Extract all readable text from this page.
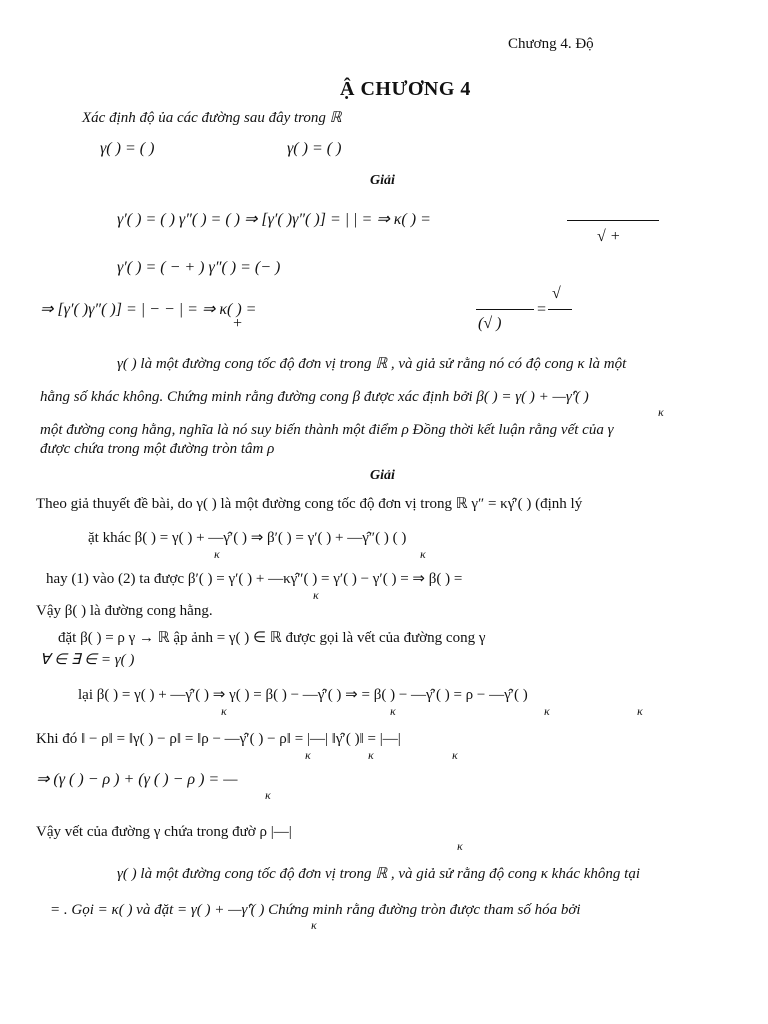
Chương 4. Độ
Ậ CHƯƠNG 4
Xác định độ ủa các đường sau đây trong ℝ
γ( ) = ( )	γ( ) = ( )
Giải
γ′( ) = ( ) γ″( ) = ( ) ⇒ [γ′( )γ″( )] = | | = ⇒ κ( ) =
√ +
γ′( ) = ( − + ) γ″( ) = (− )
⇒ [γ′( )γ″( )] = | − − | = ⇒ κ( ) =
+
√
(√ )
=
γ( ) là một đường cong tốc độ đơn vị trong ℝ , và giả sử rằng nó có độ cong κ là một
hằng số khác không. Chứng minh rằng đường cong β được xác định bởi β( ) = γ( ) + —γ̂′( )
κ
một đường cong hằng, nghĩa là nó suy biến thành một điểm ρ Đồng thời kết luận rằng vết của γ
được chứa trong một đường tròn tâm ρ
Giải
Theo giả thuyết đề bài, do γ( ) là một đường cong tốc độ đơn vị trong ℝ γ″ = κγ̂′( ) (định lý
ặt khác β( ) = γ( ) + —γ̂′( ) ⇒ β′( ) = γ′( ) + —γ̂″( ) ( )
κ	κ
hay (1) vào (2) ta được β′( ) = γ′( ) + —κγ̂″( ) = γ′( ) − γ′( ) = ⇒ β( ) =
κ
Vậy β( ) là đường cong hằng.
đặt β( ) = ρ γ → ℝ ập ảnh = γ( ) ∈ ℝ được gọi là vết của đường cong γ
∀ ∈ ∃ ∈ = γ( )
lại β( ) = γ( ) + —γ̂′( ) ⇒ γ( ) = β( ) − —γ̂′( ) ⇒ = β( ) − —γ̂′( ) = ρ − —γ̂′( )
κ	κ	κ	κ
Khi đó ‖ − ρ‖ = ‖γ( ) − ρ‖ = ‖ρ − —γ̂′( ) − ρ‖ = |—| ‖γ̂′( )‖ = |—|
κ	κ	κ
⇒ (γ ( ) − ρ ) + (γ ( ) − ρ ) = —
κ
Vậy vết của đường γ chứa trong đườ ρ |—|
κ
γ( ) là một đường cong tốc độ đơn vị trong ℝ , và giả sử rằng độ cong κ khác không tại
= . Gọi = κ( ) và đặt = γ( ) + —γ̂′( ) Chứng minh rằng đường tròn được tham số hóa bởi
κ
